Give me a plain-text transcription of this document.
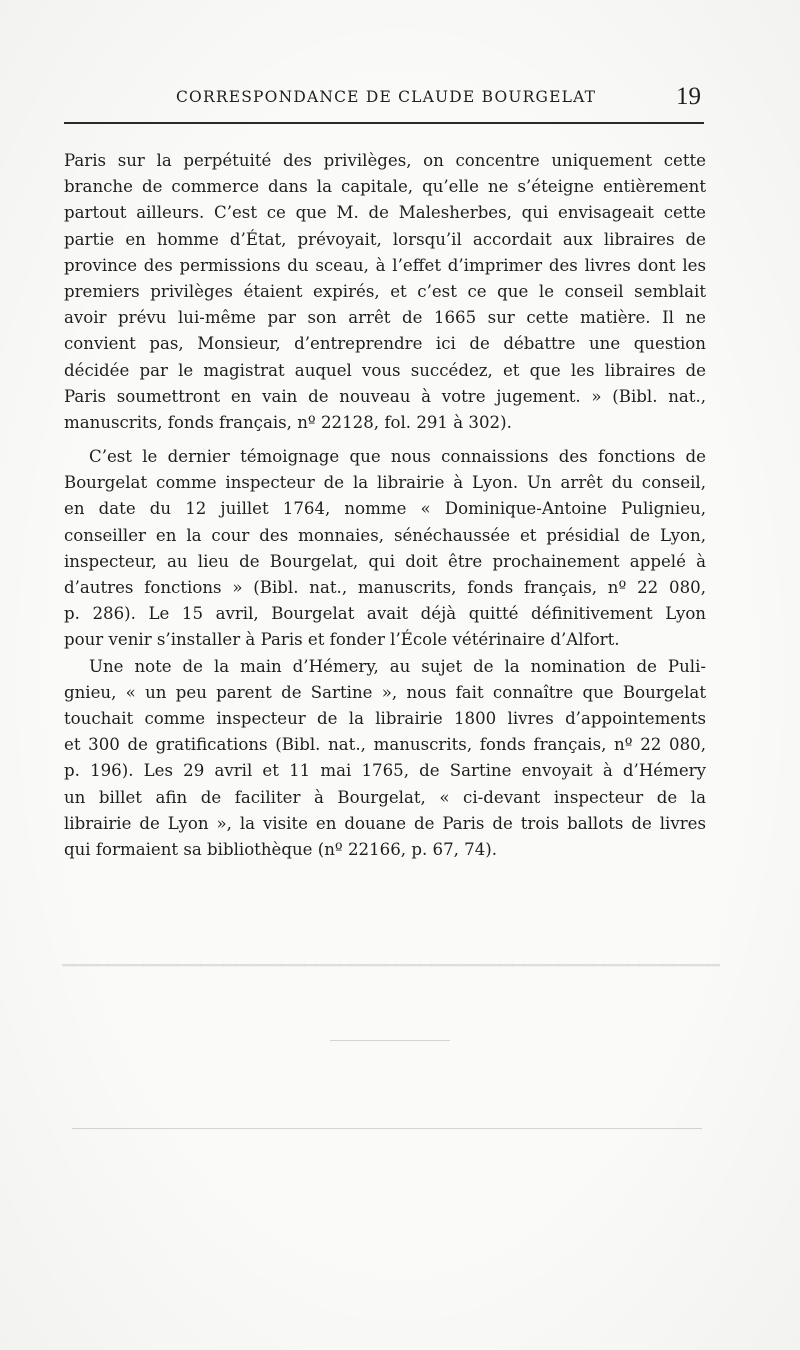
▔▔▔▔▔▔▔▔▔▔▔▔▔▔▔▔▔▔▔▔▔▔▔▔▔▔▔▔▔▔▔▔▔▔▔▔▔▔▔▔▔▔▔▔▔▔▔▔▔▔▔▔▔▔▔▔▔
CORRESPONDANCE DE CLAUDE BOURGELAT	19
Paris sur la perpétuité des privilèges, on concentre uniquement cette
branche de commerce dans la capitale, qu’elle ne s’éteigne entièrement
partout ailleurs. C’est ce que M. de Malesherbes, qui envisageait cette
partie en homme d’État, prévoyait, lorsqu’il accordait aux libraires de
province des permissions du sceau, à l’effet d’imprimer des livres dont les
premiers privilèges étaient expirés, et c’est ce que le conseil semblait
avoir prévu lui-même par son arrêt de 1665 sur cette matière. Il ne
convient pas, Monsieur, d’entreprendre ici de débattre une question
décidée par le magistrat auquel vous succédez, et que les libraires de
Paris soumettront en vain de nouveau à votre jugement. » (Bibl. nat.,
manuscrits, fonds français, nº 22128, fol. 291 à 302).
C’est le dernier témoignage que nous connaissions des fonctions de
Bourgelat comme inspecteur de la librairie à Lyon. Un arrêt du conseil,
en date du 12 juillet 1764, nomme « Dominique-Antoine Pulignieu,
conseiller en la cour des monnaies, sénéchaussée et présidial de Lyon,
inspecteur, au lieu de Bourgelat, qui doit être prochainement appelé à
d’autres fonctions » (Bibl. nat., manuscrits, fonds français, nº 22 080,
p. 286). Le 15 avril, Bourgelat avait déjà quitté définitivement Lyon
pour venir s’installer à Paris et fonder l’École vétérinaire d’Alfort.
Une note de la main d’Hémery, au sujet de la nomination de Puli-
gnieu, « un peu parent de Sartine », nous fait connaître que Bourgelat
touchait comme inspecteur de la librairie 1800 livres d’appointements
et 300 de gratifications (Bibl. nat., manuscrits, fonds français, nº 22 080,
p. 196). Les 29 avril et 11 mai 1765, de Sartine envoyait à d’Hémery
un billet afin de faciliter à Bourgelat, « ci-devant inspecteur de la
librairie de Lyon », la visite en douane de Paris de trois ballots de livres
qui formaient sa bibliothèque (nº 22166, p. 67, 74).
